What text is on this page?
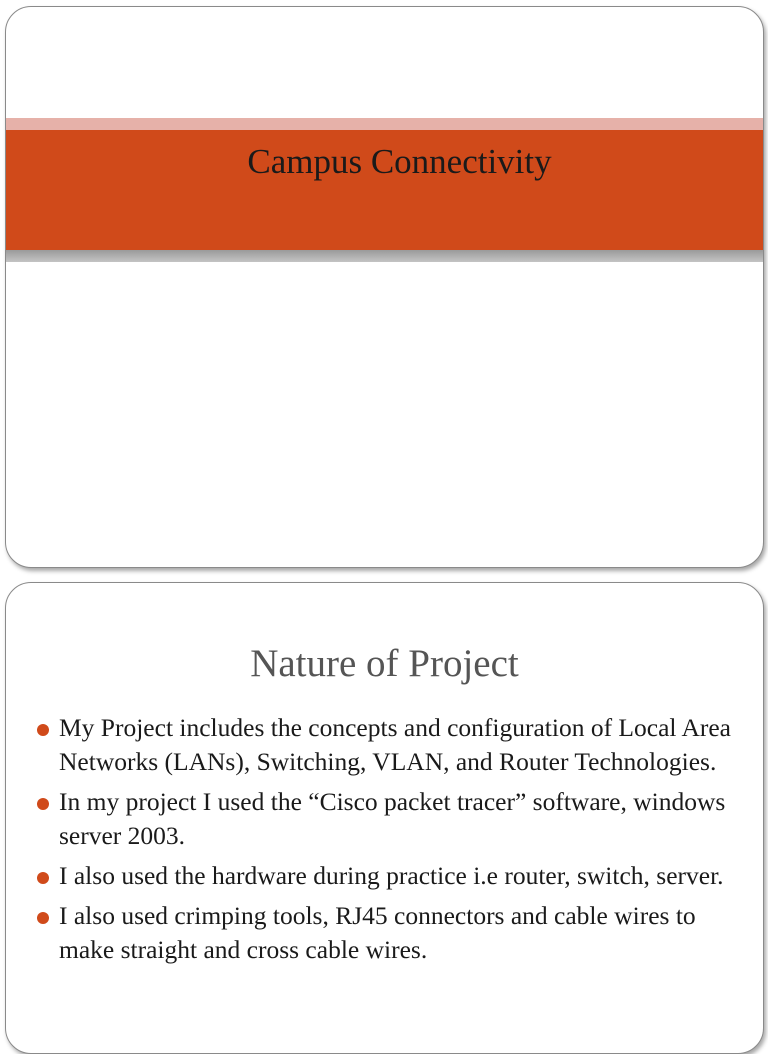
Campus Connectivity
Nature of Project
My Project includes the concepts and configuration of Local Area Networks (LANs), Switching, VLAN, and Router Technologies.
In my project I used the “Cisco packet tracer” software, windows server 2003.
I also used the hardware during practice i.e router, switch, server.
I also used crimping tools, RJ45 connectors and cable wires to make straight and cross cable wires.
